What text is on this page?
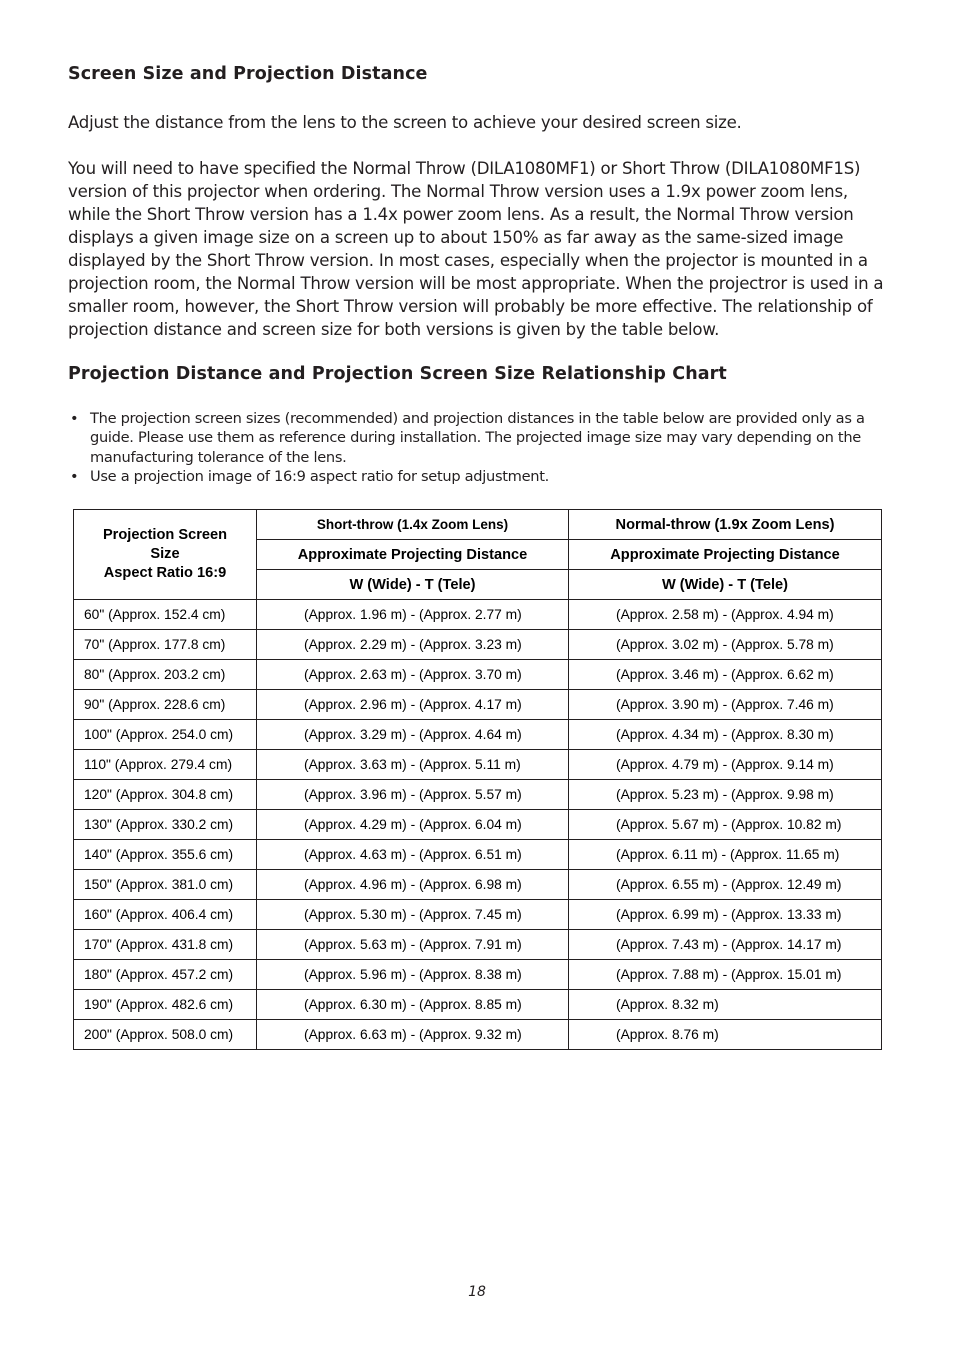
Screen Size and Projection Distance

Adjust the distance from the lens to the screen to achieve your desired screen size.

You will need to have specified the Normal Throw (DILA1080MF1) or Short Throw (DILA1080MF1S) version of this projector when ordering. The Normal Throw version uses a 1.9x power zoom lens, while the Short Throw version has a 1.4x power zoom lens. As a result, the Normal Throw version displays a given image size on a screen up to about 150% as far away as the same-sized image displayed by the Short Throw version. In most cases, especially when the projector is mounted in a projection room, the Normal Throw version will be most appropriate. When the projectror is used in a smaller room, however, the Short Throw version will probably be more effective. The relationship of projection distance and screen size for both versions is given by the table below.

Projection Distance and Projection Screen Size Relationship Chart
• The projection screen sizes (recommended) and projection distances in the table below are provided only as a guide. Please use them as reference during installation. The projected image size may vary depending on the manufacturing tolerance of the lens.
• Use a projection image of 16:9 aspect ratio for setup adjustment.
Projection Screen
Size
Aspect Ratio 16:9	Short-throw (1.4x Zoom Lens)	Normal-throw (1.9x Zoom Lens)
	Approximate Projecting Distance	Approximate Projecting Distance
	W (Wide) - T (Tele)	W (Wide) - T (Tele)
60" (Approx. 152.4 cm)	(Approx. 1.96 m) - (Approx. 2.77 m)	(Approx. 2.58 m) - (Approx. 4.94 m)
70" (Approx. 177.8 cm)	(Approx. 2.29 m) - (Approx. 3.23 m)	(Approx. 3.02 m) - (Approx. 5.78 m)
80" (Approx. 203.2 cm)	(Approx. 2.63 m) - (Approx. 3.70 m)	(Approx. 3.46 m) - (Approx. 6.62 m)
90" (Approx. 228.6 cm)	(Approx. 2.96 m) - (Approx. 4.17 m)	(Approx. 3.90 m) - (Approx. 7.46 m)
100" (Approx. 254.0 cm)	(Approx. 3.29 m) - (Approx. 4.64 m)	(Approx. 4.34 m) - (Approx. 8.30 m)
110" (Approx. 279.4 cm)	(Approx. 3.63 m) - (Approx. 5.11 m)	(Approx. 4.79 m) - (Approx. 9.14 m)
120" (Approx. 304.8 cm)	(Approx. 3.96 m) - (Approx. 5.57 m)	(Approx. 5.23 m) - (Approx. 9.98 m)
130" (Approx. 330.2 cm)	(Approx. 4.29 m) - (Approx. 6.04 m)	(Approx. 5.67 m) - (Approx. 10.82 m)
140" (Approx. 355.6 cm)	(Approx. 4.63 m) - (Approx. 6.51 m)	(Approx. 6.11 m) - (Approx. 11.65 m)
150" (Approx. 381.0 cm)	(Approx. 4.96 m) - (Approx. 6.98 m)	(Approx. 6.55 m) - (Approx. 12.49 m)
160" (Approx. 406.4 cm)	(Approx. 5.30 m) - (Approx. 7.45 m)	(Approx. 6.99 m) - (Approx. 13.33 m)
170" (Approx. 431.8 cm)	(Approx. 5.63 m) - (Approx. 7.91 m)	(Approx. 7.43 m) - (Approx. 14.17 m)
180" (Approx. 457.2 cm)	(Approx. 5.96 m) - (Approx. 8.38 m)	(Approx. 7.88 m) - (Approx. 15.01 m)
190" (Approx. 482.6 cm)	(Approx. 6.30 m) - (Approx. 8.85 m)	(Approx. 8.32 m)
200" (Approx. 508.0 cm)	(Approx. 6.63 m) - (Approx. 9.32 m)	(Approx. 8.76 m)
18
